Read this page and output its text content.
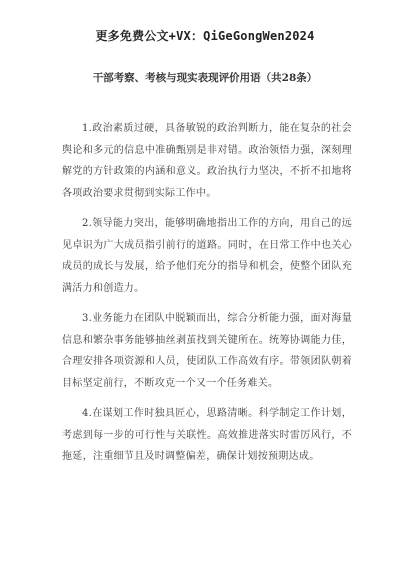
更多免费公文+VX：QiGeGongWen2024
干部考察、考核与现实表现评价用语（共28条）

1.政治素质过硬，具备敏锐的政治判断力，能在复杂的社会舆论和多元的信息中准确甄别是非对错。政治领悟力强，深刻理解党的方针政策的内涵和意义。政治执行力坚决，不折不扣地将各项政治要求贯彻到实际工作中。

2.领导能力突出，能够明确地指出工作的方向，用自己的远见卓识为广大成员指引前行的道路。同时，在日常工作中也关心成员的成长与发展，给予他们充分的指导和机会，使整个团队充满活力和创造力。

3.业务能力在团队中脱颖而出，综合分析能力强，面对海量信息和繁杂事务能够抽丝剥茧找到关键所在。统筹协调能力佳，合理安排各项资源和人员，使团队工作高效有序。带领团队朝着目标坚定前行，不断攻克一个又一个任务难关。

4.在谋划工作时独具匠心，思路清晰。科学制定工作计划，考虑到每一步的可行性与关联性。高效推进落实时雷厉风行，不拖延，注重细节且及时调整偏差，确保计划按预期达成。
